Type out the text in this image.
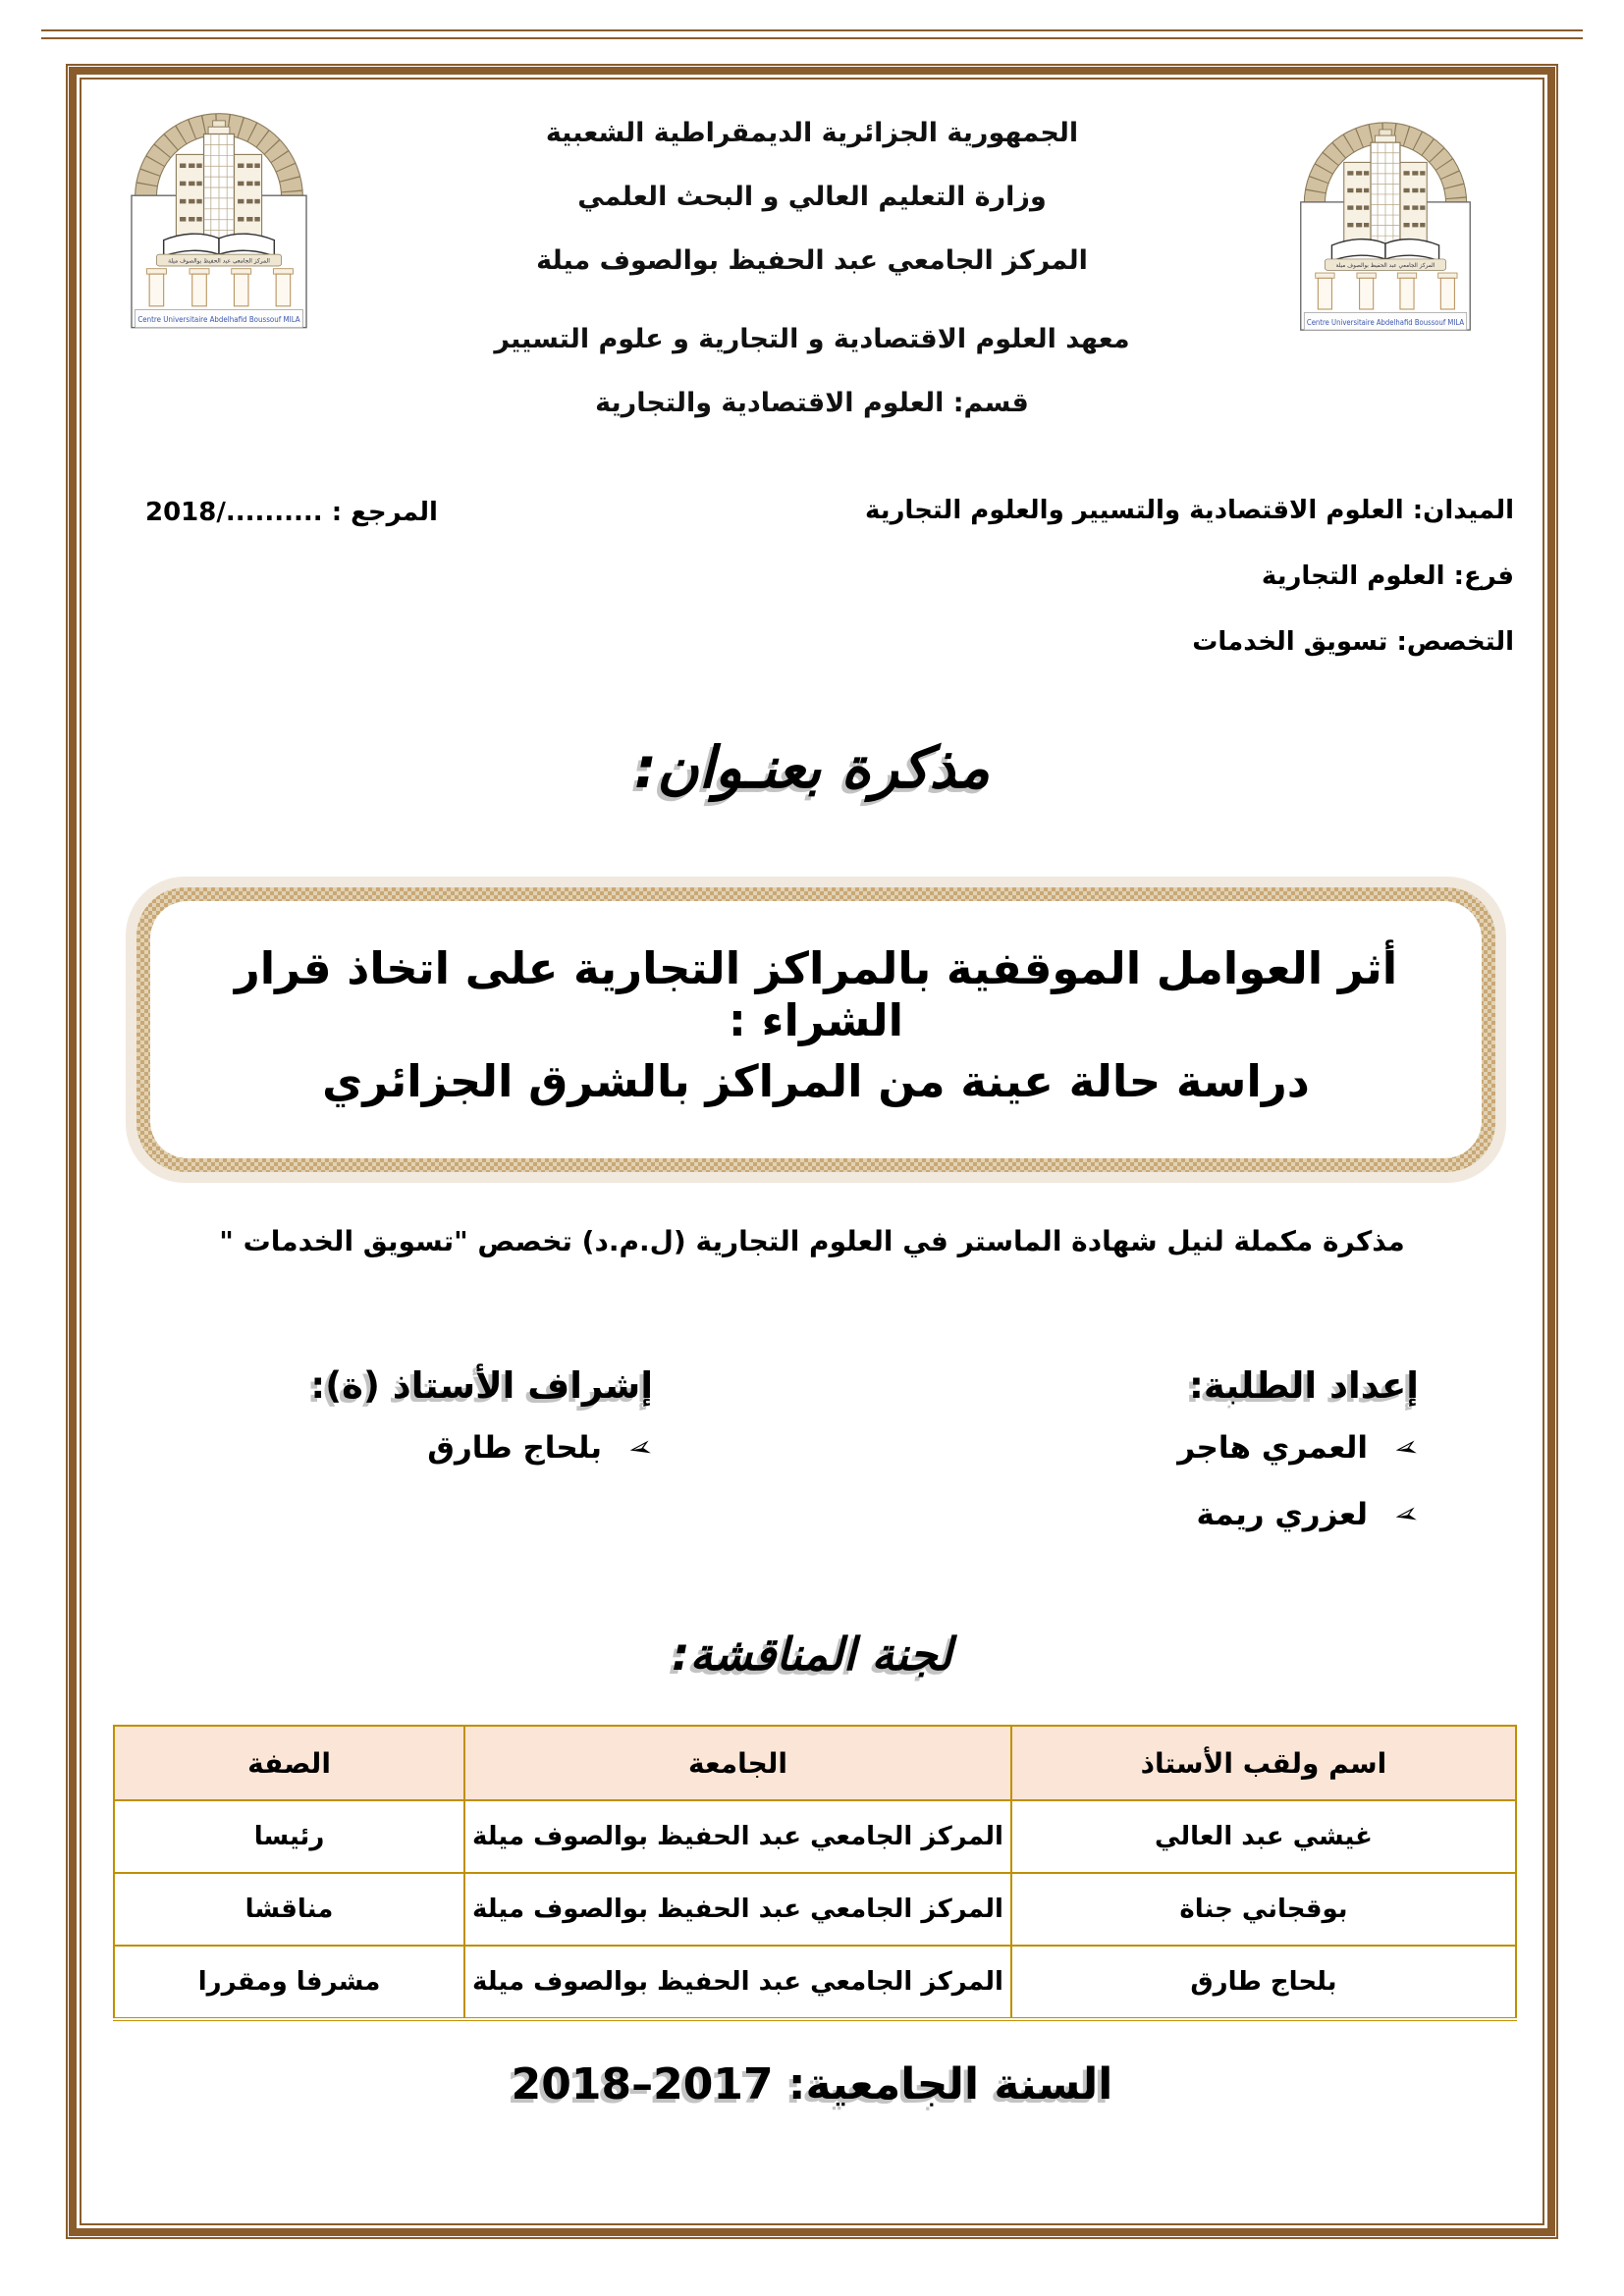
المركز الجامعي عبد الحفيظ بوالصوف ميلة
Centre Universitaire Abdelhafid Boussouf MILA
المركز الجامعي عبد الحفيظ بوالصوف ميلة
Centre Universitaire Abdelhafid Boussouf MILA
الجمهورية الجزائرية الديمقراطية الشعبية
وزارة التعليم العالي و البحث العلمي
المركز الجامعي عبد الحفيظ بوالصوف ميلة
معهد العلوم الاقتصادية و التجارية و علوم التسيير
قسم: العلوم الاقتصادية والتجارية
الميدان: العلوم الاقتصادية والتسيير والعلوم التجارية
فرع: العلوم التجارية
التخصص: تسويق الخدمات
المرجع : ........../2018
مذكرة بعنـوان:
أثر العوامل الموقفية بالمراكز التجارية على اتخاذ قرار الشراء :
دراسة حالة عينة من المراكز بالشرق الجزائري
مذكرة مكملة لنيل شهادة الماستر في العلوم التجارية (ل.م.د) تخصص "تسويق الخدمات "
إعداد الطلبة:
➢ العمري هاجر
➢ لعزري ريمة
إشراف الأستاذ (ة):
➢ بلحاج طارق
لجنة المناقشة:
اسم ولقب الأستاذ	الجامعة	الصفة
غيشي عبد العالي	المركز الجامعي عبد الحفيظ بوالصوف ميلة	رئيسا
بوقجاني جناة	المركز الجامعي عبد الحفيظ بوالصوف ميلة	مناقشا
بلحاج طارق	المركز الجامعي عبد الحفيظ بوالصوف ميلة	مشرفا ومقررا
السنة الجامعية: 2017–2018
